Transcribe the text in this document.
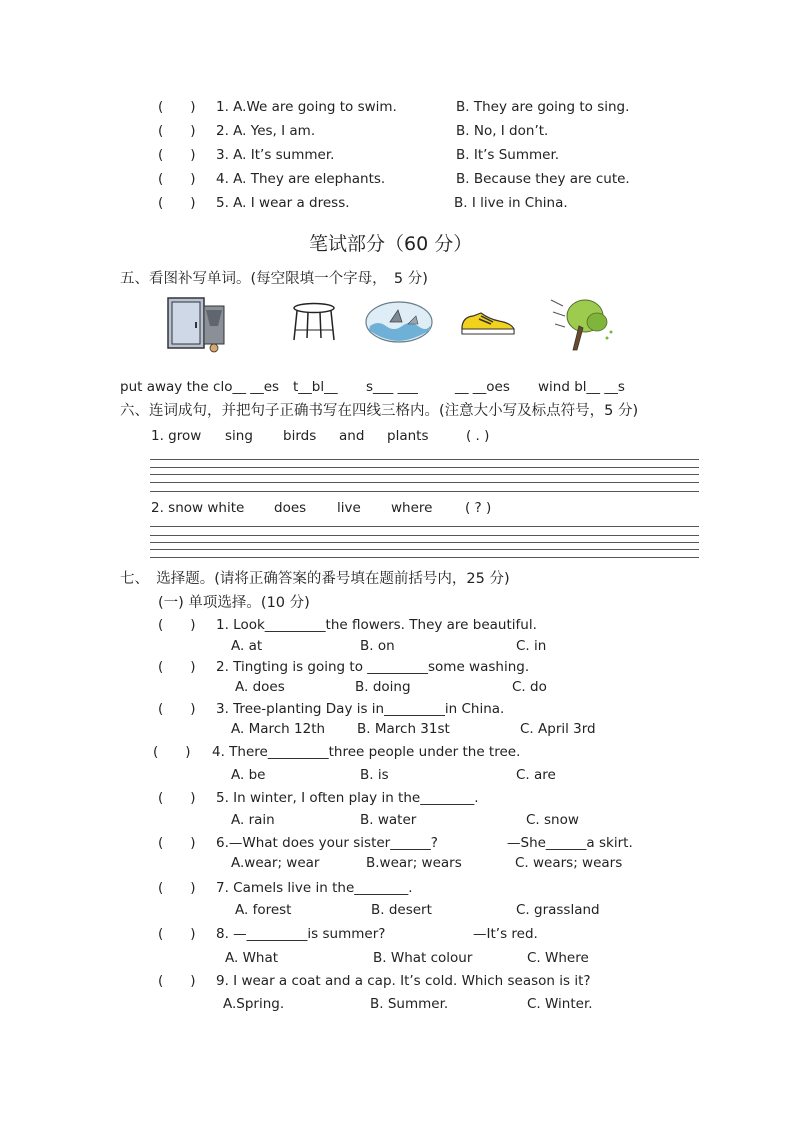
(　　) 1. A.We are going to swim.	B. They are going to sing.
(　　) 2. A. Yes, I am.	B. No, I don’t.
(　　) 3. A. It’s summer.	B. It’s Summer.
(　　) 4. A. They are elephants.	B. Because they are cute.
(　　) 5. A. I wear a dress.	B. I live in China.
笔试部分（60 分）
五、看图补写单词。(每空限填一个字母，　5 分)
put away the clo__ __es t__bl__ s___ ___	__ __oes wind bl__ __s
六、连词成句，并把句子正确书写在四线三格内。(注意大小写及标点符号，5 分)
1. grow sing birds and plants	( . )
2. snow white does live where ( ? )
七、　选择题。(请将正确答案的番号填在题前括号内，25 分)
(一) 单项选择。(10 分)
(　　) 1. Look_________the flowers. They are beautiful.
A. at	B. on	C. in
(　　) 2. Tingting is going to _________some washing.
A. does	B. doing	C. do
(　　) 3. Tree-planting Day is in_________in China.
A. March 12th B. March 31st	C. April 3rd
(　　) 4. There_________three people under the tree.
A. be	B. is	C. are
(　　) 5. In winter, I often play in the________.
A. rain	B. water	C. snow
(　　) 6.—What does your sister______?	—She______a skirt.
A.wear; wear	B.wear; wears	C. wears; wears
(　　) 7. Camels live in the________.
A. forest	B. desert	C. grassland
(　　) 8. —_________is summer?	—It’s red.
A. What	B. What colour	C. Where
(　　) 9. I wear a coat and a cap. It’s cold. Which season is it?
A.Spring.	B. Summer.	C. Winter.
